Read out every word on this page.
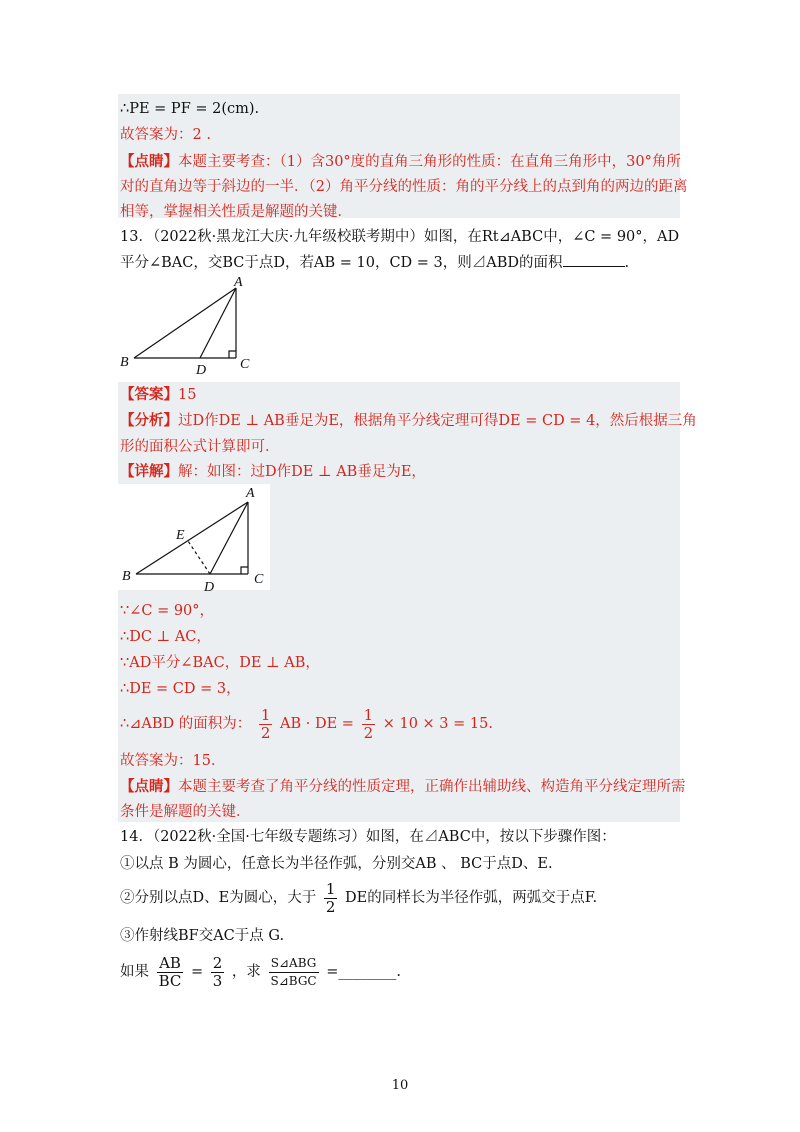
∴PE = PF = 2(cm).
故答案为：2 .
【点睛】本题主要考查：（1）含30°度的直角三角形的性质：在直角三角形中，30°角所
对的直角边等于斜边的一半．（2）角平分线的性质：角的平分线上的点到角的两边的距离
相等，掌握相关性质是解题的关键．
13．（2022秋·黑龙江大庆·九年级校联考期中）如图，在Rt⊿ABC中，∠C = 90°，AD
平分∠BAC，交BC于点D，若AB = 10，CD = 3，则⊿ABD的面积	.
A
B	C
D
【答案】15
【分析】过D作DE ⊥ AB垂足为E，根据角平分线定理可得DE = CD = 4，然后根据三角
形的面积公式计算即可．
【详解】解：如图：过D作DE ⊥ AB垂足为E，
A
B	C
D
E
∵∠C = 90°，
∴DC ⊥ AC，
∵AD平分∠BAC，DE ⊥ AB，
∴DE = CD = 3，
∴⊿ABD 的面积为： $\frac{1}{2}$ AB · DE = $\frac{1}{2} \times 10 \times 3 = 15$.
故答案为：15．
【点睛】本题主要考查了角平分线的性质定理，正确作出辅助线、构造角平分线定理所需
条件是解题的关键．
14．（2022秋·全国·七年级专题练习）如图，在⊿ABC中，按以下步骤作图：
①以点 B 为圆心，任意长为半径作弧，分别交AB 、 BC于点D、E.
②分别以点D、E为圆心，大于 $\frac{1}{2}$ DE的同样长为半径作弧，两弧交于点F.
③作射线BF交AC于点 G.
如果 $\frac{AB}{BC} = \frac{2}{3}$ ，求 $\frac{\text{S⊿ABG}}{\text{S⊿BGC}}$ =________.
10
